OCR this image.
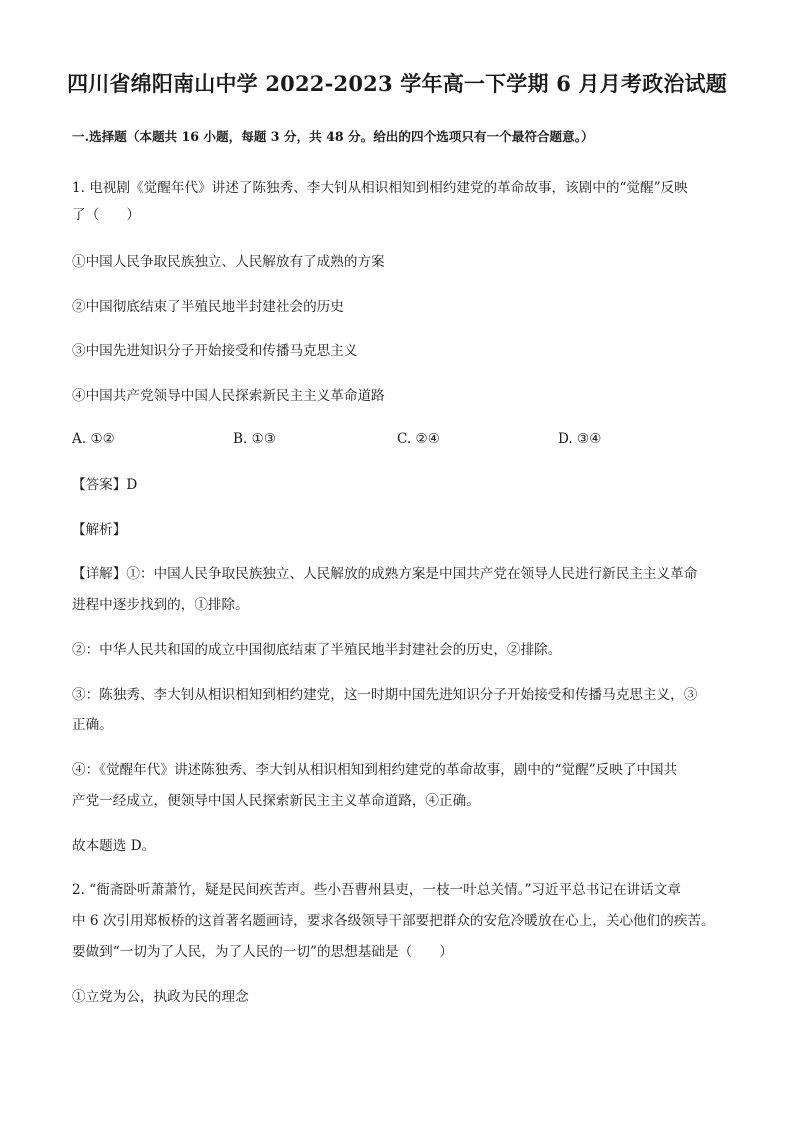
四川省绵阳南山中学 2022-2023 学年高一下学期 6 月月考政治试题
一.选择题（本题共 16 小题，每题 3 分，共 48 分。给出的四个选项只有一个最符合题意。）
1. 电视剧《觉醒年代》讲述了陈独秀、李大钊从相识相知到相约建党的革命故事，该剧中的“觉醒”反映
了（　　）
①中国人民争取民族独立、人民解放有了成熟的方案
②中国彻底结束了半殖民地半封建社会的历史
③中国先进知识分子开始接受和传播马克思主义
④中国共产党领导中国人民探索新民主主义革命道路
A. ①②	B. ①③	C. ②④	D. ③④
【答案】D
【解析】
【详解】①：中国人民争取民族独立、人民解放的成熟方案是中国共产党在领导人民进行新民主主义革命
进程中逐步找到的，①排除。
②：中华人民共和国的成立中国彻底结束了半殖民地半封建社会的历史，②排除。
③：陈独秀、李大钊从相识相知到相约建党，这一时期中国先进知识分子开始接受和传播马克思主义，③
正确。
④：《觉醒年代》讲述陈独秀、李大钊从相识相知到相约建党的革命故事，剧中的“觉醒”反映了中国共
产党一经成立，便领导中国人民探索新民主主义革命道路，④正确。
故本题选 D。
2. “衙斋卧听萧萧竹，疑是民间疾苦声。些小吾曹州县吏，一枝一叶总关情。”习近平总书记在讲话文章
中 6 次引用郑板桥的这首著名题画诗，要求各级领导干部要把群众的安危冷暖放在心上，关心他们的疾苦。
要做到“一切为了人民，为了人民的一切”的思想基础是（　　）
①立党为公，执政为民的理念
